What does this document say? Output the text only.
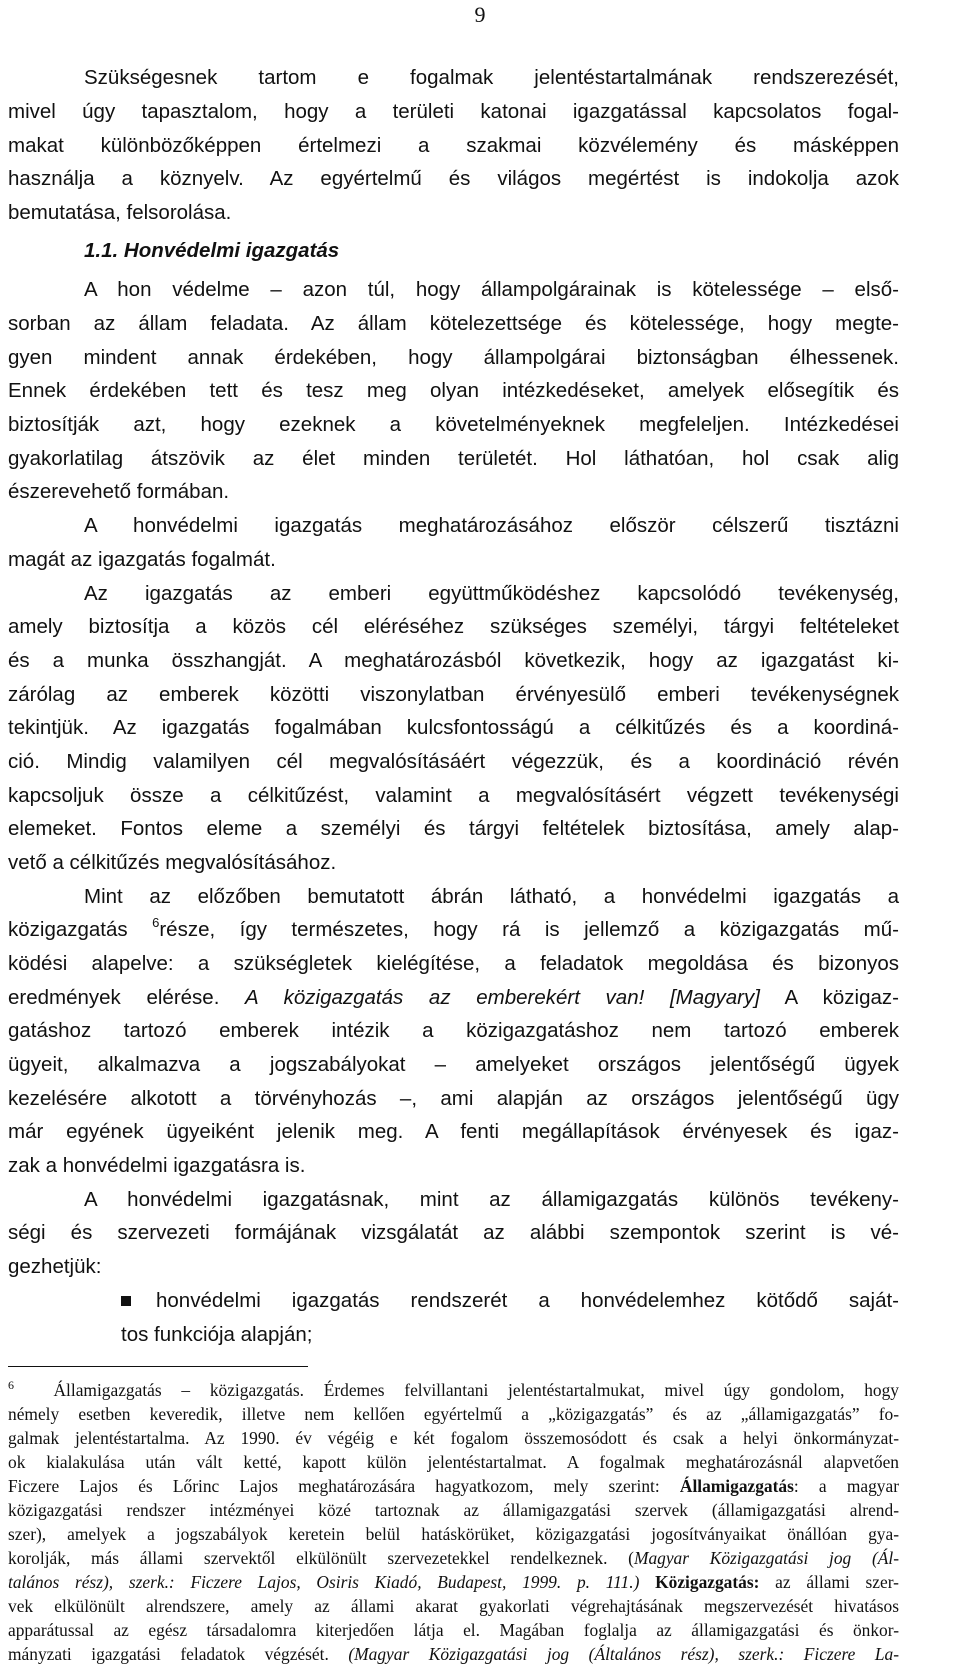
9
Szükségesnek tartom e fogalmak jelentéstartalmának rendszerezését,
mivel úgy tapasztalom, hogy a területi katonai igazgatással kapcsolatos fogal-
makat különbözőképpen értelmezi a szakmai közvélemény és másképpen
használja a köznyelv. Az egyértelmű és világos megértést is indokolja azok
bemutatása, felsorolása.
1.1. Honvédelmi igazgatás
A hon védelme – azon túl, hogy állampolgárainak is kötelessége – első-
sorban az állam feladata. Az állam kötelezettsége és kötelessége, hogy megte-
gyen mindent annak érdekében, hogy állampolgárai biztonságban élhessenek.
Ennek érdekében tett és tesz meg olyan intézkedéseket, amelyek elősegítik és
biztosítják azt, hogy ezeknek a követelményeknek megfeleljen. Intézkedései
gyakorlatilag átszövik az élet minden területét. Hol láthatóan, hol csak alig
észerevehető formában.
A honvédelmi igazgatás meghatározásához először célszerű tisztázni
magát az igazgatás fogalmát.
Az igazgatás az emberi együttműködéshez kapcsolódó tevékenység,
amely biztosítja a közös cél eléréséhez szükséges személyi, tárgyi feltételeket
és a munka összhangját. A meghatározásból következik, hogy az igazgatást ki-
zárólag az emberek közötti viszonylatban érvényesülő emberi tevékenységnek
tekintjük. Az igazgatás fogalmában kulcsfontosságú a célkitűzés és a koordiná-
ció. Mindig valamilyen cél megvalósításáért végezzük, és a koordináció révén
kapcsoljuk össze a célkitűzést, valamint a megvalósításért végzett tevékenységi
elemeket. Fontos eleme a személyi és tárgyi feltételek biztosítása, amely alap-
vető a célkitűzés megvalósításához.
Mint az előzőben bemutatott ábrán látható, a honvédelmi igazgatás a
közigazgatás $^6$része, így természetes, hogy rá is jellemző a közigazgatás mű-
ködési alapelve: a szükségletek kielégítése, a feladatok megoldása és bizonyos
eredmények elérése. A közigazgatás az emberekért van! [Magyary] A közigaz-
gatáshoz tartozó emberek intézik a közigazgatáshoz nem tartozó emberek
ügyeit, alkalmazva a jogszabályokat – amelyeket országos jelentőségű ügyek
kezelésére alkotott a törvényhozás –, ami alapján az országos jelentőségű ügy
már egyének ügyeiként jelenik meg. A fenti megállapítások érvényesek és igaz-
zak a honvédelmi igazgatásra is.
A honvédelmi igazgatásnak, mint az államigazgatás különös tevékeny-
ségi és szervezeti formájának vizsgálatát az alábbi szempontok szerint is vé-
gezhetjük:
honvédelmi igazgatás rendszerét a honvédelemhez kötődő saját-
tos funkciója alapján;
$^6$ Államigazgatás – közigazgatás. Érdemes felvillantani jelentéstartalmukat, mivel úgy gondolom, hogy
némely esetben keveredik, illetve nem kellően egyértelmű a „közigazgatás” és az „államigazgatás” fo-
galmak jelentéstartalma. Az 1990. év végéig e két fogalom összemosódott és csak a helyi önkormányzat-
ok kialakulása után vált ketté, kapott külön jelentéstartalmat. A fogalmak meghatározásnál alapvetően
Ficzere Lajos és Lőrinc Lajos meghatározására hagyatkozom, mely szerint: Államigazgatás: a magyar
közigazgatási rendszer intézményei közé tartoznak az államigazgatási szervek (államigazgatási alrend-
szer), amelyek a jogszabályok keretein belül hatáskörüket, közigazgatási jogosítványaikat önállóan gya-
korolják, más állami szervektől elkülönült szervezetekkel rendelkeznek. (Magyar Közigazgatási jog (Ál-
talános rész), szerk.: Ficzere Lajos, Osiris Kiadó, Budapest, 1999. p. 111.) Közigazgatás: az állami szer-
vek elkülönült alrendszere, amely az állami akarat gyakorlati végrehajtásának megszervezését hivatásos
apparátussal az egész társadalomra kiterjedően látja el. Magában foglalja az államigazgatási és önkor-
mányzati igazgatási feladatok végzését. (Magyar Közigazgatási jog (Általános rész), szerk.: Ficzere La-
